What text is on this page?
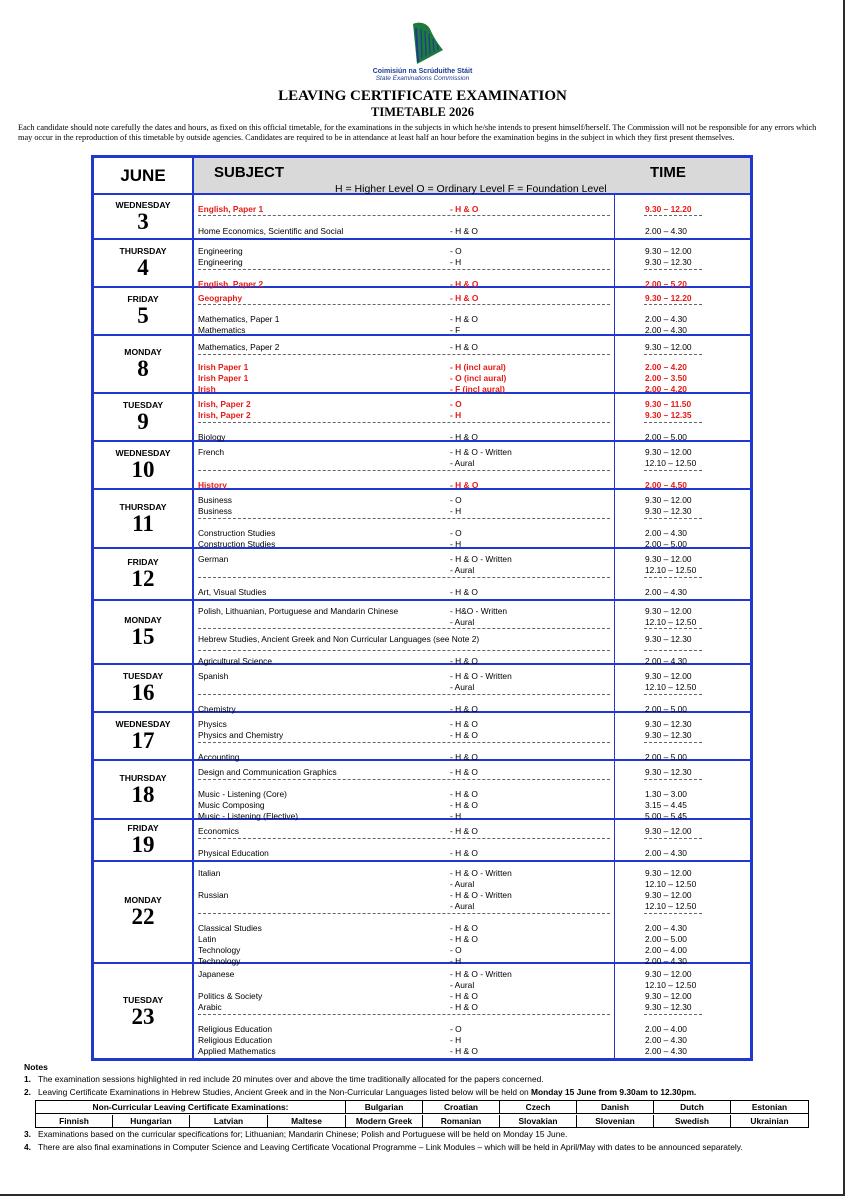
Coimisiún na Scrúduithe Stáit
State Examinations Commission
LEAVING CERTIFICATE EXAMINATION
TIMETABLE 2026
Each candidate should note carefully the dates and hours, as fixed on this official timetable, for the examinations in the subjects in which he/she intends to present himself/herself. The Commission will not be responsible for any errors which may occur in the reproduction of this timetable by outside agencies. Candidates are required to be in attendance at least half an hour before the examination begins in the subject in which they first present themselves.
JUNE	SUBJECT
H = Higher Level O = Ordinary Level F = Foundation Level
TIME
WEDNESDAY
3	English, Paper 1	- H & O	9.30 – 12.20
Home Economics, Scientific and Social	- H & O	2.00 – 4.30
THURSDAY
4
Engineering	- O	9.30 – 12.00
Engineering	- H	9.30 – 12.30
English, Paper 2	- H & O	2.00 – 5.20
FRIDAY
5
Geography	- H & O	9.30 – 12.20
Mathematics, Paper 1	- H & O	2.00 – 4.30
Mathematics	- F	2.00 – 4.30
MONDAY
8
Mathematics, Paper 2	- H & O	9.30 – 12.00
Irish Paper 1	- H (incl aural)	2.00 – 4.20
Irish Paper 1	- O (incl aural)	2.00 – 3.50
Irish	- F (incl aural)	2.00 – 4.20
TUESDAY
9
Irish, Paper 2	- O	9.30 – 11.50
Irish, Paper 2	- H	9.30 – 12.35
Biology	- H & O	2.00 – 5.00
WEDNESDAY
10
French	- H & O - Written	9.30 – 12.00
- Aural	12.10 – 12.50
History	- H & O	2.00 – 4.50
THURSDAY
11
Business	- O	9.30 – 12.00
Business	- H	9.30 – 12.30
Construction Studies	- O	2.00 – 4.30
Construction Studies	- H	2.00 – 5.00
FRIDAY
12
German	- H & O - Written	9.30 – 12.00
- Aural	12.10 – 12.50
Art, Visual Studies	- H & O	2.00 – 4.30
MONDAY
15
Polish, Lithuanian, Portuguese and Mandarin Chinese	- H&O - Written	9.30 – 12.00
- Aural	12.10 – 12.50
Hebrew Studies, Ancient Greek and Non Curricular Languages (see Note 2)	9.30 – 12.30
Agricultural Science	- H & O	2.00 – 4.30
TUESDAY
16
Spanish	- H & O - Written	9.30 – 12.00
- Aural	12.10 – 12.50
Chemistry	- H & O	2.00 – 5.00
WEDNESDAY
17
Physics	- H & O	9.30 – 12.30
Physics and Chemistry	- H & O	9.30 – 12.30
Accounting	- H & O	2.00 – 5.00
THURSDAY
18
Design and Communication Graphics	- H & O	9.30 – 12.30
Music - Listening (Core)	- H & O	1.30 – 3.00
Music Composing	- H & O	3.15 – 4.45
Music - Listening (Elective)	- H	5.00 – 5.45
FRIDAY
19
Economics	- H & O	9.30 – 12.00
Physical Education	- H & O	2.00 – 4.30
MONDAY
22
Italian	- H & O - Written	9.30 – 12.00
- Aural	12.10 – 12.50
Russian	- H & O - Written	9.30 – 12.00
- Aural	12.10 – 12.50
Classical Studies	- H & O	2.00 – 4.30
Latin	- H & O	2.00 – 5.00
Technology	- O	2.00 – 4.00
Technology	- H	2.00 – 4.30
TUESDAY
23
Japanese	- H & O - Written	9.30 – 12.00
- Aural	12.10 – 12.50
Politics & Society	- H & O	9.30 – 12.00
Arabic	- H & O	9.30 – 12.30
Religious Education	- O	2.00 – 4.00
Religious Education	- H	2.00 – 4.30
Applied Mathematics	- H & O	2.00 – 4.30
Notes
1. The examination sessions highlighted in red include 20 minutes over and above the time traditionally allocated for the papers concerned.
2. Leaving Certificate Examinations in Hebrew Studies, Ancient Greek and in the Non-Curricular Languages listed below will be held on Monday 15 June from 9.30am to 12.30pm.
3. Examinations based on the curricular specifications for; Lithuanian; Mandarin Chinese; Polish and Portuguese will be held on Monday 15 June.
4. There are also final examinations in Computer Science and Leaving Certificate Vocational Programme – Link Modules – which will be held in April/May with dates to be announced separately.
Non-Curricular Leaving Certificate Examinations:	Bulgarian	Croatian	Czech	Danish	Dutch	Estonian
Finnish	Hungarian	Latvian	Maltese	Modern Greek	Romanian	Slovakian	Slovenian	Swedish	Ukrainian
